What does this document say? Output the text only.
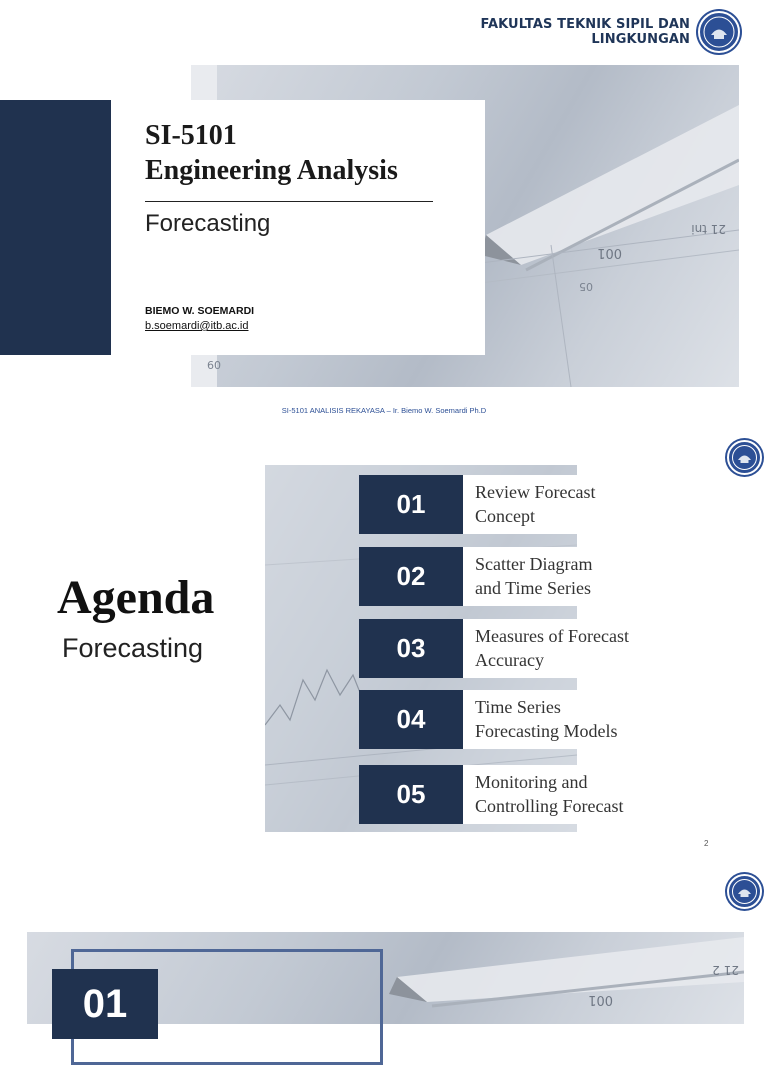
FAKULTAS TEKNIK SIPIL DAN LINGKUNGAN
001
21 tni
05
09
SI-5101
Engineering Analysis
Forecasting
BIEMO W. SOEMARDI
b.soemardi@itb.ac.id
SI-5101 ANALISIS REKAYASA – Ir. Biemo W. Soemardi Ph.D
Agenda
Forecasting
01	Review Forecast
Concept
02	Scatter Diagram
and Time Series
03	Measures of Forecast
Accuracy
04	Time Series
Forecasting Models
05	Monitoring and
Controlling Forecast
2
001
21 2
01
